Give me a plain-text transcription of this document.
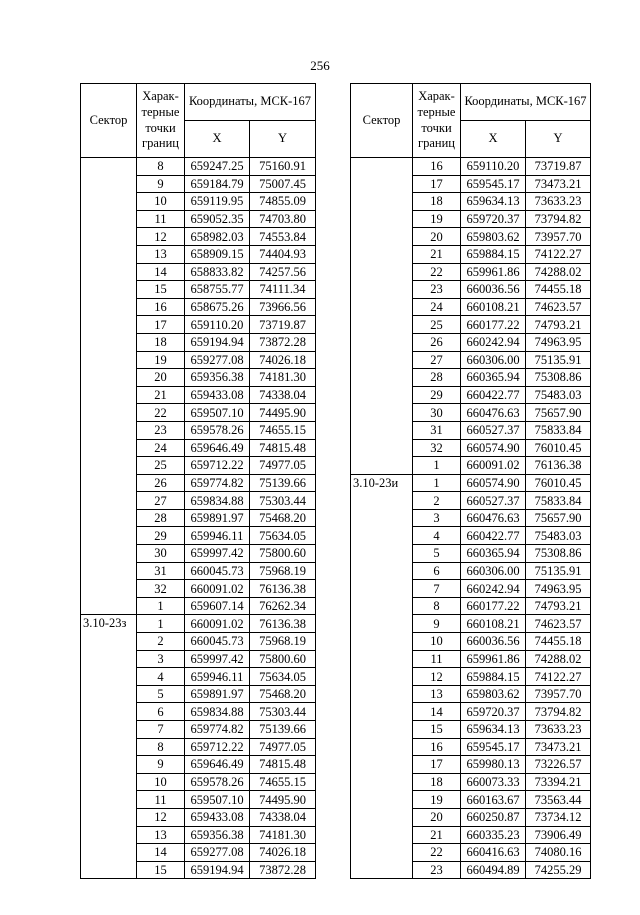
256
Сектор	Харак-терные точки границ	Координаты, МСК-167	
		X	Y
	8	659247.25	75160.91
	9	659184.79	75007.45
	10	659119.95	74855.09
	11	659052.35	74703.80
	12	658982.03	74553.84
	13	658909.15	74404.93
	14	658833.82	74257.56
	15	658755.77	74111.34
	16	658675.26	73966.56
	17	659110.20	73719.87
	18	659194.94	73872.28
	19	659277.08	74026.18
	20	659356.38	74181.30
	21	659433.08	74338.04
	22	659507.10	74495.90
	23	659578.26	74655.15
	24	659646.49	74815.48
	25	659712.22	74977.05
	26	659774.82	75139.66
	27	659834.88	75303.44
	28	659891.97	75468.20
	29	659946.11	75634.05
	30	659997.42	75800.60
	31	660045.73	75968.19
	32	660091.02	76136.38
	1	659607.14	76262.34
3.10-23з	1	660091.02	76136.38
	2	660045.73	75968.19
	3	659997.42	75800.60
	4	659946.11	75634.05
	5	659891.97	75468.20
	6	659834.88	75303.44
	7	659774.82	75139.66
	8	659712.22	74977.05
	9	659646.49	74815.48
	10	659578.26	74655.15
	11	659507.10	74495.90
	12	659433.08	74338.04
	13	659356.38	74181.30
	14	659277.08	74026.18
	15	659194.94	73872.28
Сектор	Харак-терные точки границ	Координаты, МСК-167	
		X	Y
	16	659110.20	73719.87
	17	659545.17	73473.21
	18	659634.13	73633.23
	19	659720.37	73794.82
	20	659803.62	73957.70
	21	659884.15	74122.27
	22	659961.86	74288.02
	23	660036.56	74455.18
	24	660108.21	74623.57
	25	660177.22	74793.21
	26	660242.94	74963.95
	27	660306.00	75135.91
	28	660365.94	75308.86
	29	660422.77	75483.03
	30	660476.63	75657.90
	31	660527.37	75833.84
	32	660574.90	76010.45
	1	660091.02	76136.38
3.10-23и	1	660574.90	76010.45
	2	660527.37	75833.84
	3	660476.63	75657.90
	4	660422.77	75483.03
	5	660365.94	75308.86
	6	660306.00	75135.91
	7	660242.94	74963.95
	8	660177.22	74793.21
	9	660108.21	74623.57
	10	660036.56	74455.18
	11	659961.86	74288.02
	12	659884.15	74122.27
	13	659803.62	73957.70
	14	659720.37	73794.82
	15	659634.13	73633.23
	16	659545.17	73473.21
	17	659980.13	73226.57
	18	660073.33	73394.21
	19	660163.67	73563.44
	20	660250.87	73734.12
	21	660335.23	73906.49
	22	660416.63	74080.16
	23	660494.89	74255.29
